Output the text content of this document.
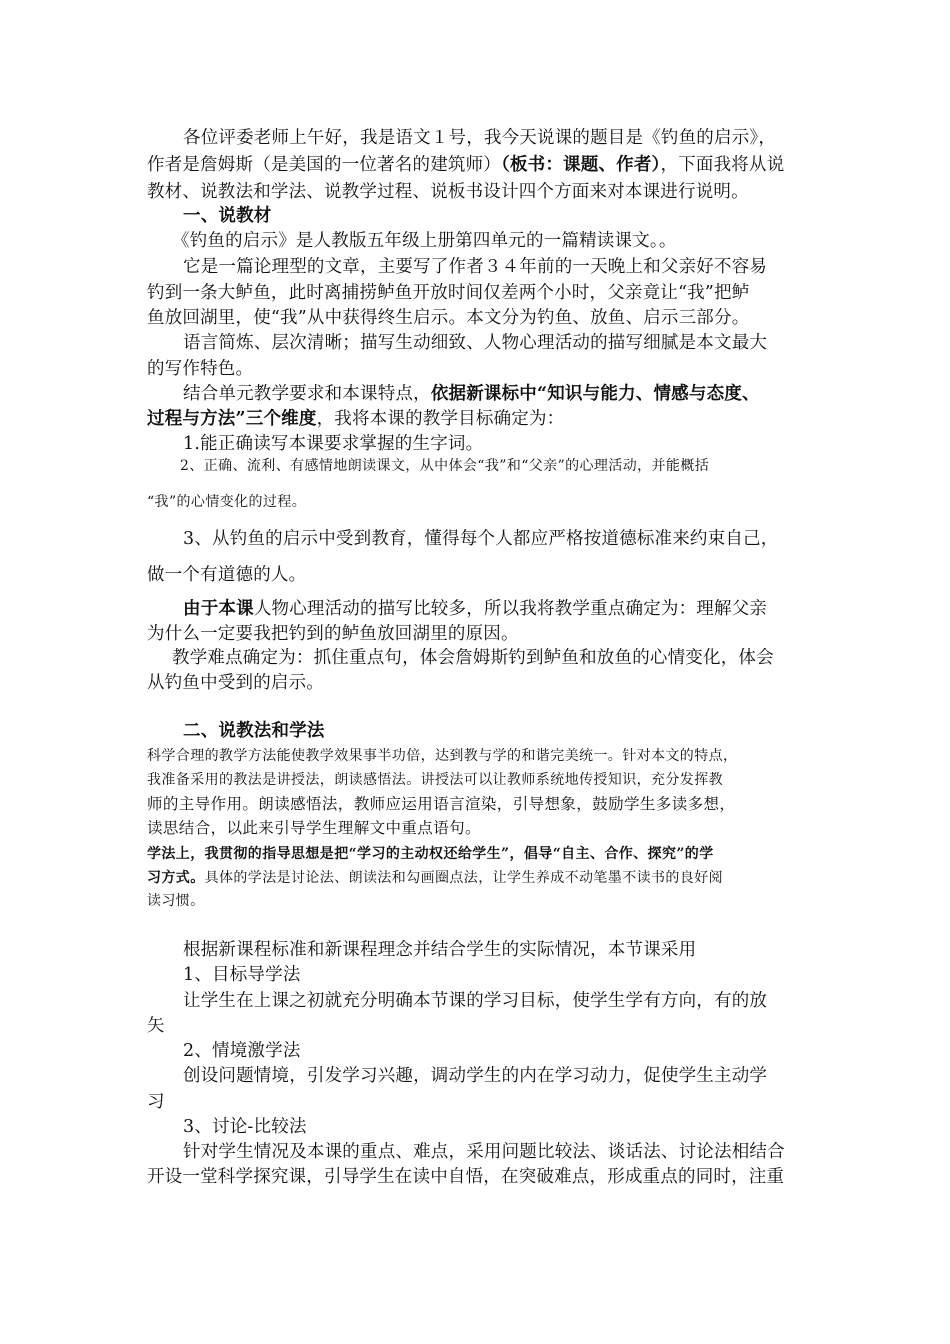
各位评委老师上午好，我是语文１号，我今天说课的题目是《钓鱼的启示》，
作者是詹姆斯（是美国的一位著名的建筑师）（板书：课题、作者），下面我将从说
教材、说教法和学法、说教学过程、说板书设计四个方面来对本课进行说明。
一、说教材
《钓鱼的启示》是人教版五年级上册第四单元的一篇精读课文。。
它是一篇论理型的文章，主要写了作者３４年前的一天晚上和父亲好不容易
钓到一条大鲈鱼，此时离捕捞鲈鱼开放时间仅差两个小时，父亲竟让“我”把鲈
鱼放回湖里，使“我”从中获得终生启示。本文分为钓鱼、放鱼、启示三部分。
语言简炼、层次清晰；描写生动细致、人物心理活动的描写细腻是本文最大
的写作特色。
结合单元教学要求和本课特点，依据新课标中“知识与能力、情感与态度、
过程与方法”三个维度，我将本课的教学目标确定为：
1.能正确读写本课要求掌握的生字词。
2、正确、流利、有感情地朗读课文，从中体会“我”和“父亲”的心理活动，并能概括
“我”的心情变化的过程。
3、从钓鱼的启示中受到教育，懂得每个人都应严格按道德标准来约束自己，
做一个有道德的人。
由于本课人物心理活动的描写比较多，所以我将教学重点确定为：理解父亲
为什么一定要我把钓到的鲈鱼放回湖里的原因。
教学难点确定为：抓住重点句，体会詹姆斯钓到鲈鱼和放鱼的心情变化，体会
从钓鱼中受到的启示。
二、说教法和学法
科学合理的教学方法能使教学效果事半功倍，达到教与学的和谐完美统一。针对本文的特点，
我准备采用的教法是讲授法，朗读感悟法。讲授法可以让教师系统地传授知识，充分发挥教
师的主导作用。朗读感悟法，教师应运用语言渲染，引导想象，鼓励学生多读多想，
读思结合，以此来引导学生理解文中重点语句。
学法上，我贯彻的指导思想是把“学习的主动权还给学生”，倡导“自主、合作、探究”的学
习方式。具体的学法是讨论法、朗读法和勾画圈点法，让学生养成不动笔墨不读书的良好阅
读习惯。
根据新课程标准和新课程理念并结合学生的实际情况，本节课采用
1、目标导学法
让学生在上课之初就充分明确本节课的学习目标，使学生学有方向，有的放
矢
2、情境激学法
创设问题情境，引发学习兴趣，调动学生的内在学习动力，促使学生主动学
习
3、讨论-比较法
针对学生情况及本课的重点、难点，采用问题比较法、谈话法、讨论法相结合
开设一堂科学探究课，引导学生在读中自悟，在突破难点，形成重点的同时，注重
